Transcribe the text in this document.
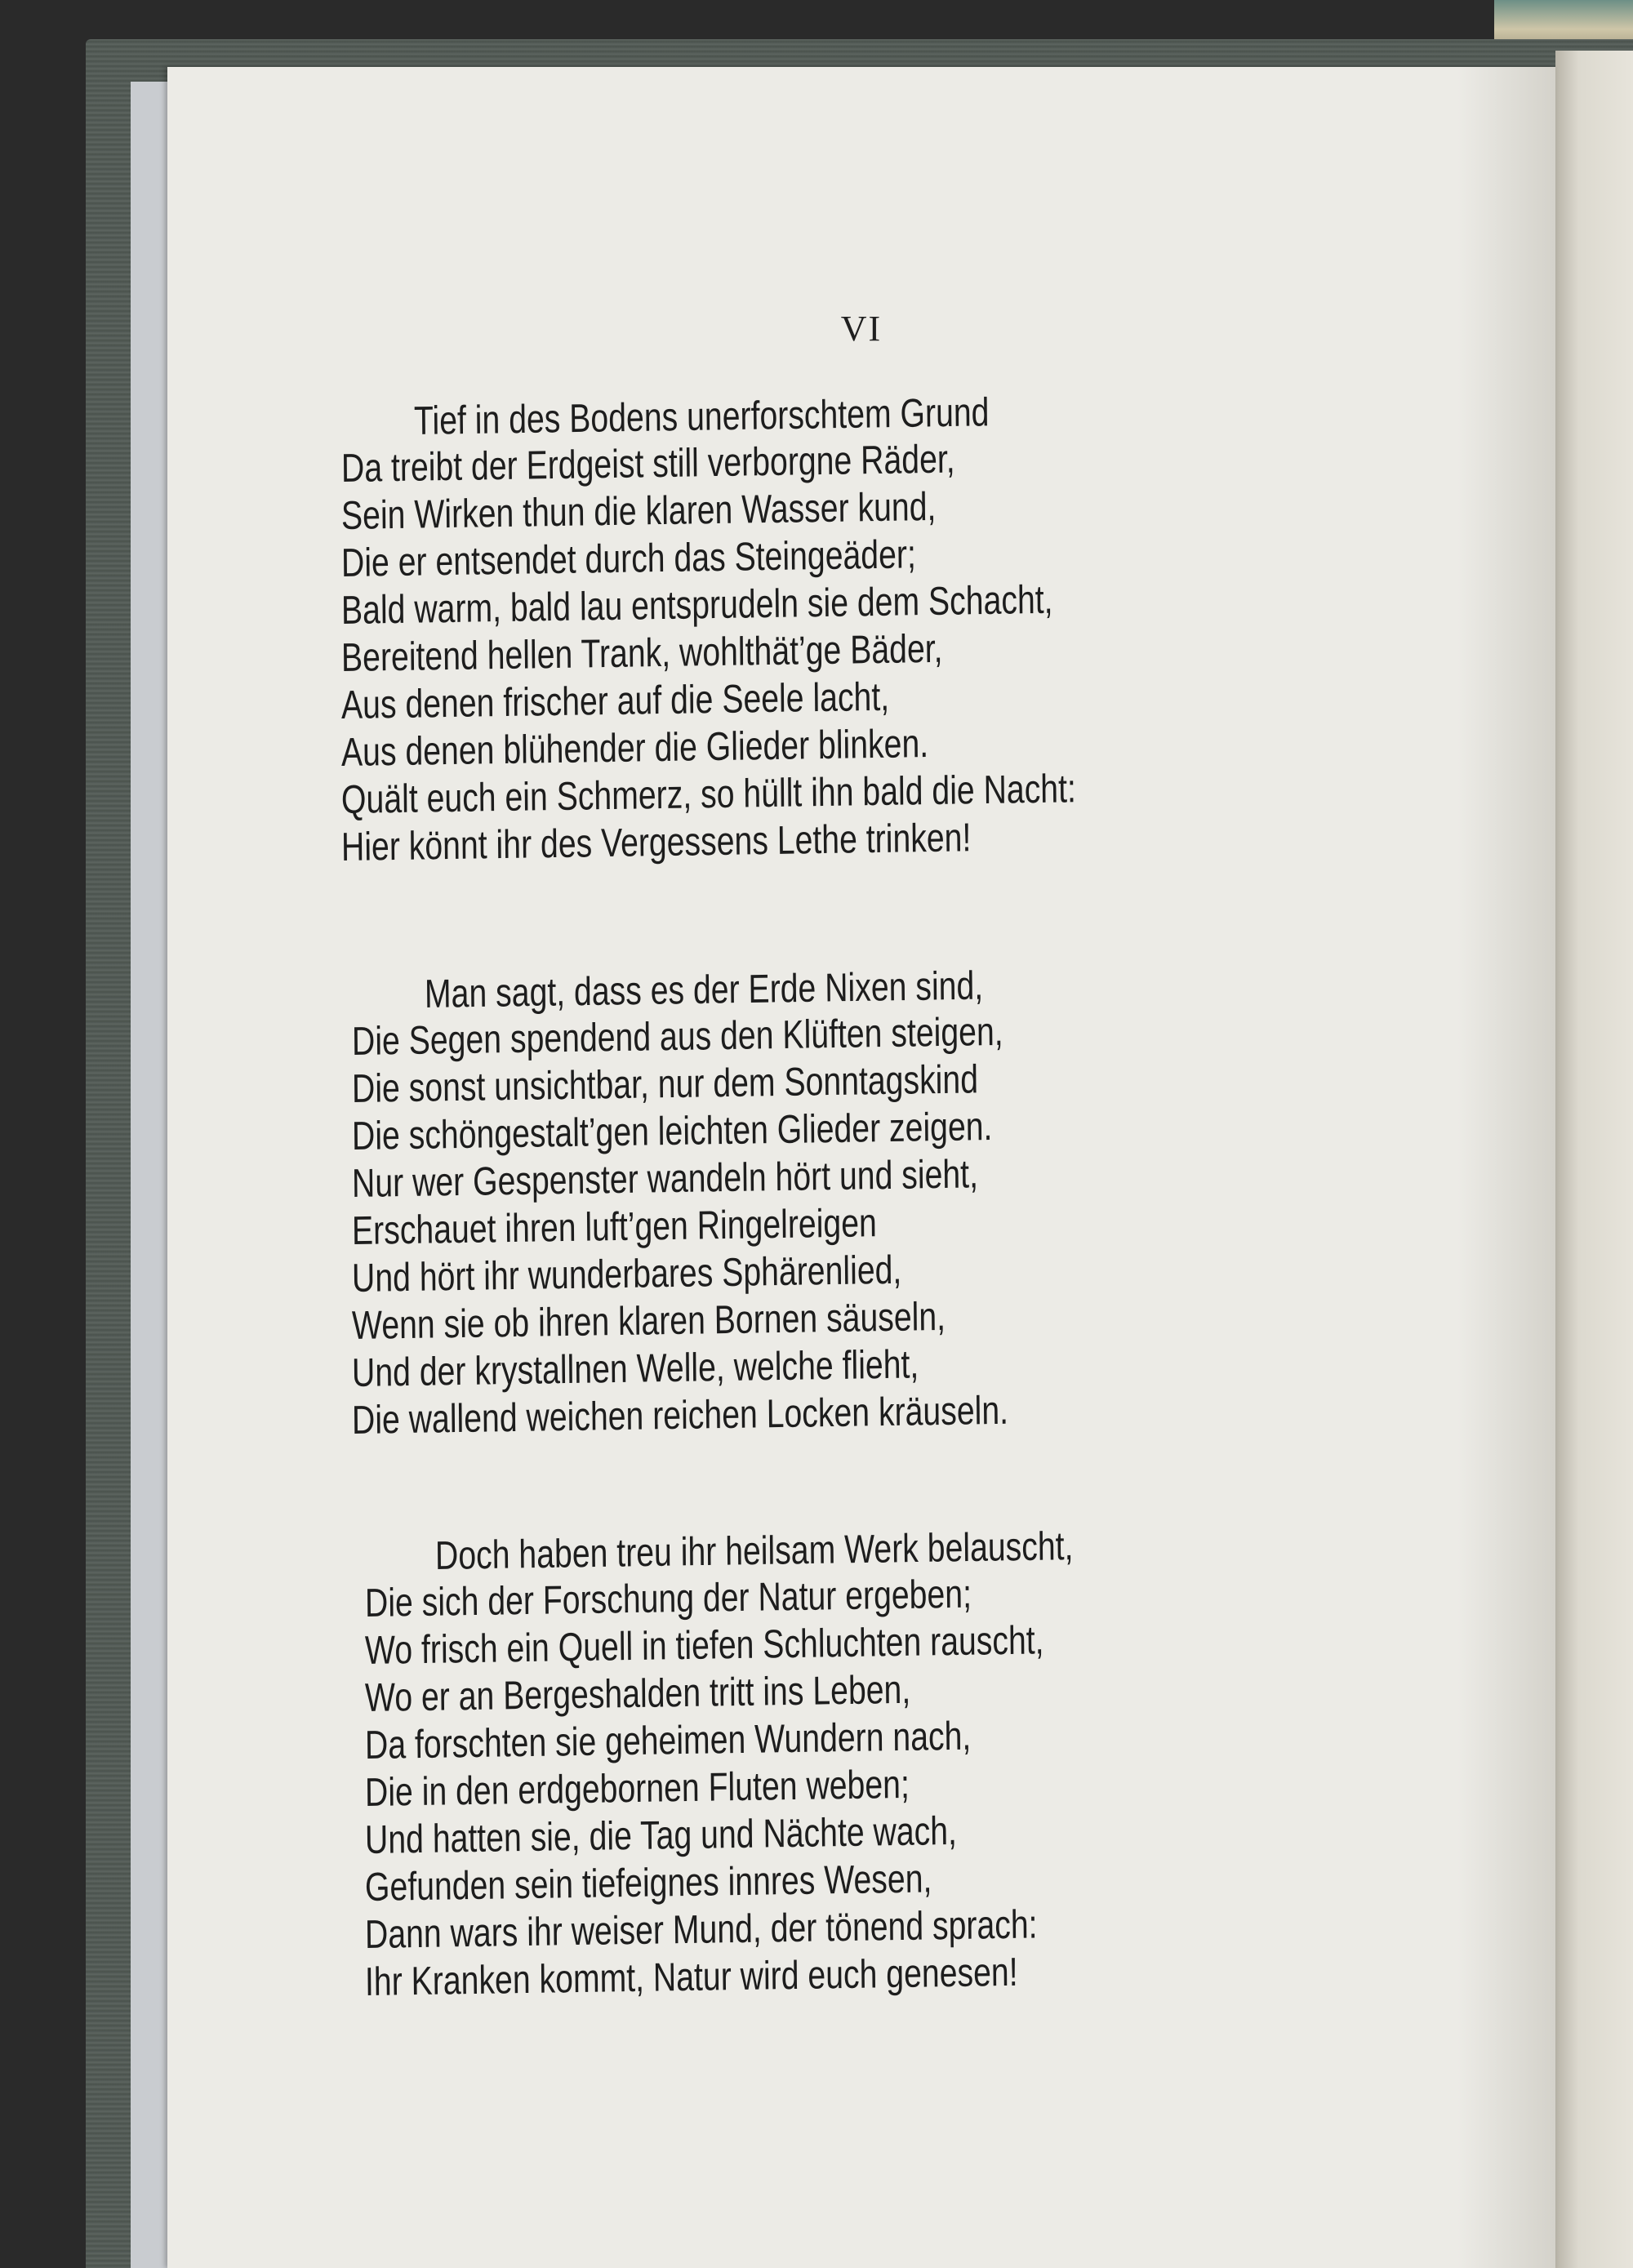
VI
Tief in des Bodens unerforschtem Grund
Da treibt der Erdgeist still verborgne Räder,
Sein Wirken thun die klaren Wasser kund,
Die er entsendet durch das Steingeäder;
Bald warm, bald lau entsprudeln sie dem Schacht,
Bereitend hellen Trank, wohlthät’ge Bäder,
Aus denen frischer auf die Seele lacht,
Aus denen blühender die Glieder blinken.
Quält euch ein Schmerz, so hüllt ihn bald die Nacht:
Hier könnt ihr des Vergessens Lethe trinken!
Man sagt, dass es der Erde Nixen sind,
Die Segen spendend aus den Klüften steigen,
Die sonst unsichtbar, nur dem Sonntagskind
Die schöngestalt’gen leichten Glieder zeigen.
Nur wer Gespenster wandeln hört und sieht,
Erschauet ihren luft’gen Ringelreigen
Und hört ihr wunderbares Sphärenlied,
Wenn sie ob ihren klaren Bornen säuseln,
Und der krystallnen Welle, welche flieht,
Die wallend weichen reichen Locken kräuseln.
Doch haben treu ihr heilsam Werk belauscht,
Die sich der Forschung der Natur ergeben;
Wo frisch ein Quell in tiefen Schluchten rauscht,
Wo er an Bergeshalden tritt ins Leben,
Da forschten sie geheimen Wundern nach,
Die in den erdgebornen Fluten weben;
Und hatten sie, die Tag und Nächte wach,
Gefunden sein tiefeignes innres Wesen,
Dann wars ihr weiser Mund, der tönend sprach:
Ihr Kranken kommt, Natur wird euch genesen!
